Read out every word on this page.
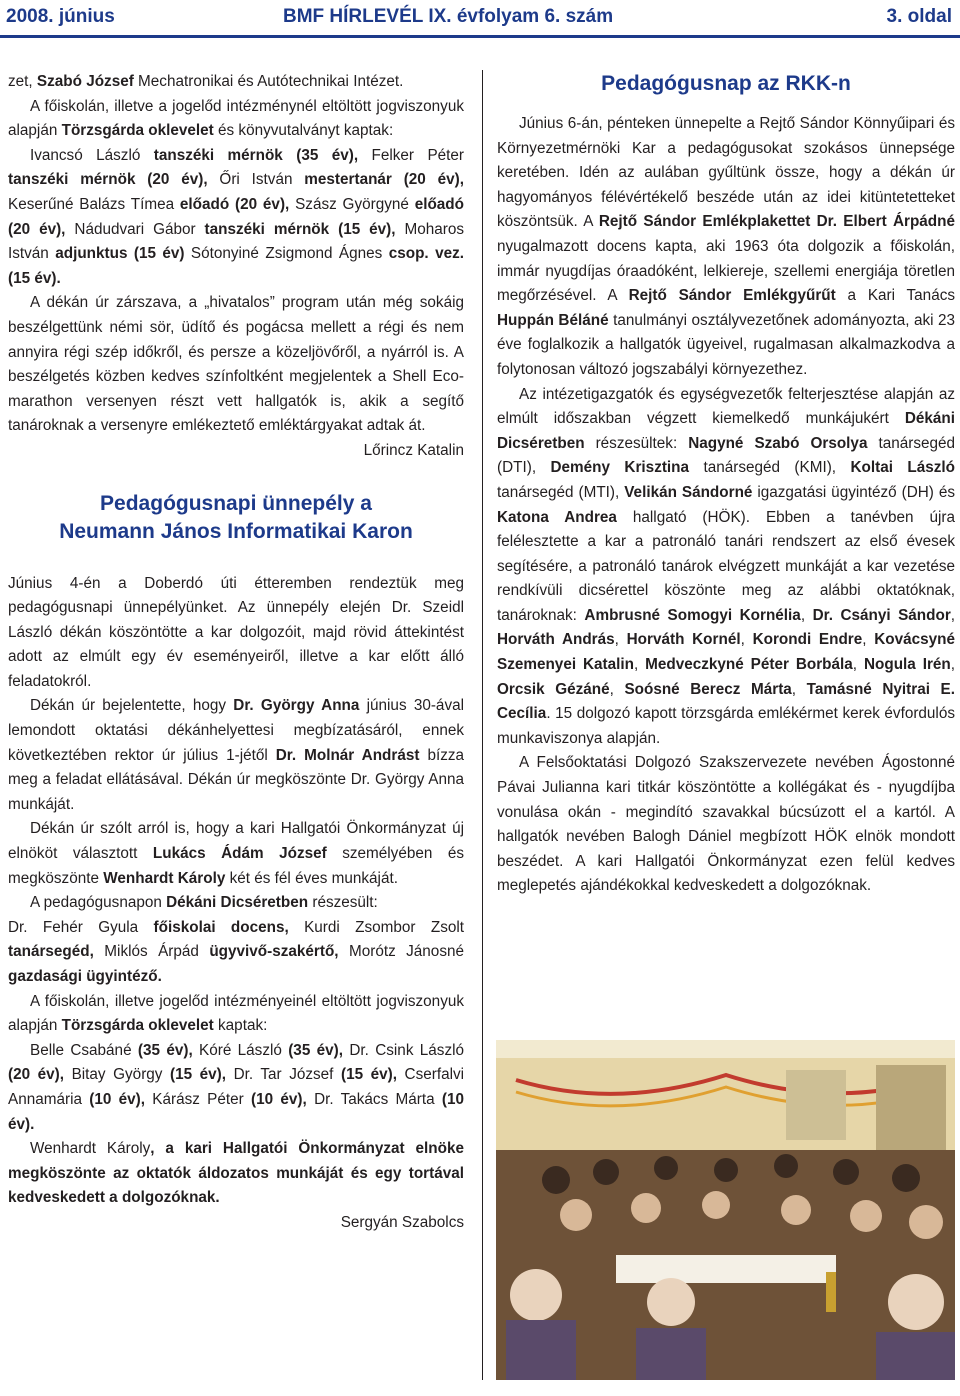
2008. június	BMF HÍRLEVÉL IX. évfolyam 6. szám	3. oldal

zet, Szabó József Mechatronikai és Autótechnikai Intézet.

A főiskolán, illetve a jogelőd intézménynél eltöltött jogviszonyuk alapján Törzsgárda oklevelet és könyvutalványt kaptak:

Ivancsó László tanszéki mérnök (35 év), Felker Péter tanszéki mérnök (20 év), Őri István mestertanár (20 év), Keserűné Balázs Tímea előadó (20 év), Szász Györgyné előadó (20 év), Nádudvari Gábor tanszéki mérnök (15 év), Moharos István adjunktus (15 év) Sótonyiné Zsigmond Ágnes csop. vez.(15 év).

A dékán úr zárszava, a „hivatalos” program után még sokáig beszélgettünk némi sör, üdítő és pogácsa mellett a régi és nem annyira régi szép időkről, és persze a közeljövőről, a nyárról is. A beszélgetés közben kedves színfoltként megjelentek a Shell Eco-marathon versenyen részt vett hallgatók is, akik a segítő tanároknak a versenyre emlékeztető emléktárgyakat adtak át.

Lőrincz Katalin

Pedagógusnapi ünnepély a
Neumann János Informatikai Karon

Június 4-én a Doberdó úti étteremben rendeztük meg pedagógusnapi ünnepélyünket. Az ünnepély elején Dr. Szeidl László dékán köszöntötte a kar dolgozóit, majd rövid áttekintést adott az elmúlt egy év eseményeiről, illetve a kar előtt álló feladatokról.

Dékán úr bejelentette, hogy Dr. György Anna június 30-ával lemondott oktatási dékánhelyettesi megbízatásáról, ennek következtében rektor úr július 1-jétől Dr. Molnár Andrást bízza meg a feladat ellátásával. Dékán úr megköszönte Dr. György Anna munkáját.

Dékán úr szólt arról is, hogy a kari Hallgatói Önkormányzat új elnököt választott Lukács Ádám József személyében és megköszönte Wenhardt Károly két és fél éves munkáját.

A pedagógusnapon Dékáni Dicséretben részesült:

Dr. Fehér Gyula főiskolai docens, Kurdi Zsombor Zsolt tanársegéd, Miklós Árpád ügyvivő-szakértő, Morótz Jánosné gazdasági ügyintéző.

A főiskolán, illetve jogelőd intézményeinél eltöltött jogviszonyuk alapján Törzsgárda oklevelet kaptak:

Belle Csabáné (35 év), Kóré László (35 év), Dr. Csink László (20 év), Bitay György (15 év), Dr. Tar József (15 év), Cserfalvi Annamária (10 év), Kárász Péter (10 év), Dr. Takács Márta (10 év).

Wenhardt Károly, a kari Hallgatói Önkormányzat elnöke megköszönte az oktatók áldozatos munkáját és egy tortával kedveskedett a dolgozóknak.

Sergyán Szabolcs

Pedagógusnap az RKK-n

Június 6-án, pénteken ünnepelte a Rejtő Sándor Könnyűipari és Környezetmérnöki Kar a pedagógusokat szokásos ünnepsége keretében. Idén az aulában gyűltünk össze, hogy a dékán úr hagyományos félévértékelő beszéde után az idei kitüntetetteket köszöntsük. A Rejtő Sándor Emlékplakettet Dr. Elbert Árpádné nyugalmazott docens kapta, aki 1963 óta dolgozik a főiskolán, immár nyugdíjas óraadóként, lelkiereje, szellemi energiája töretlen megőrzésével. A Rejtő Sándor Emlékgyűrűt a Kari Tanács Huppán Béláné tanulmányi osztályvezetőnek adományozta, aki 23 éve foglalkozik a hallgatók ügyeivel, rugalmasan alkalmazkodva a folytonosan változó jogszabályi környezethez.

Az intézetigazgatók és egységvezetők felterjesztése alapján az elmúlt időszakban végzett kiemelkedő munkájukért Dékáni Dicséretben részesültek: Nagyné Szabó Orsolya tanársegéd (DTI), Demény Krisztina tanársegéd (KMI), Koltai László tanársegéd (MTI), Velikán Sándorné igazgatási ügyintéző (DH) és Katona Andrea hallgató (HÖK). Ebben a tanévben újra felélesztette a kar a patronáló tanári rendszert az első évesek segítésére, a patronáló tanárok elvégzett munkáját a kar vezetése rendkívüli dicsérettel köszönte meg az alábbi oktatóknak, tanároknak: Ambrusné Somogyi Kornélia, Dr. Csányi Sándor, Horváth András, Horváth Kornél, Korondi Endre, Kovácsyné Szemenyei Katalin, Medveczkyné Péter Borbála, Nogula Irén, Orcsik Gézáné, Soósné Berecz Márta, Tamásné Nyitrai E. Cecília. 15 dolgozó kapott törzsgárda emlékérmet kerek évfordulós munkaviszonya alapján.

A Felsőoktatási Dolgozó Szakszervezete nevében Ágostonné Pávai Julianna kari titkár köszöntötte a kollégákat és - nyugdíjba vonulása okán - megindító szavakkal búcsúzott el a kartól. A hallgatók nevében Balogh Dániel megbízott HÖK elnök mondott beszédet. A kari Hallgatói Önkormányzat ezen felül kedves meglepetés ajándékokkal kedveskedett a dolgozóknak.
